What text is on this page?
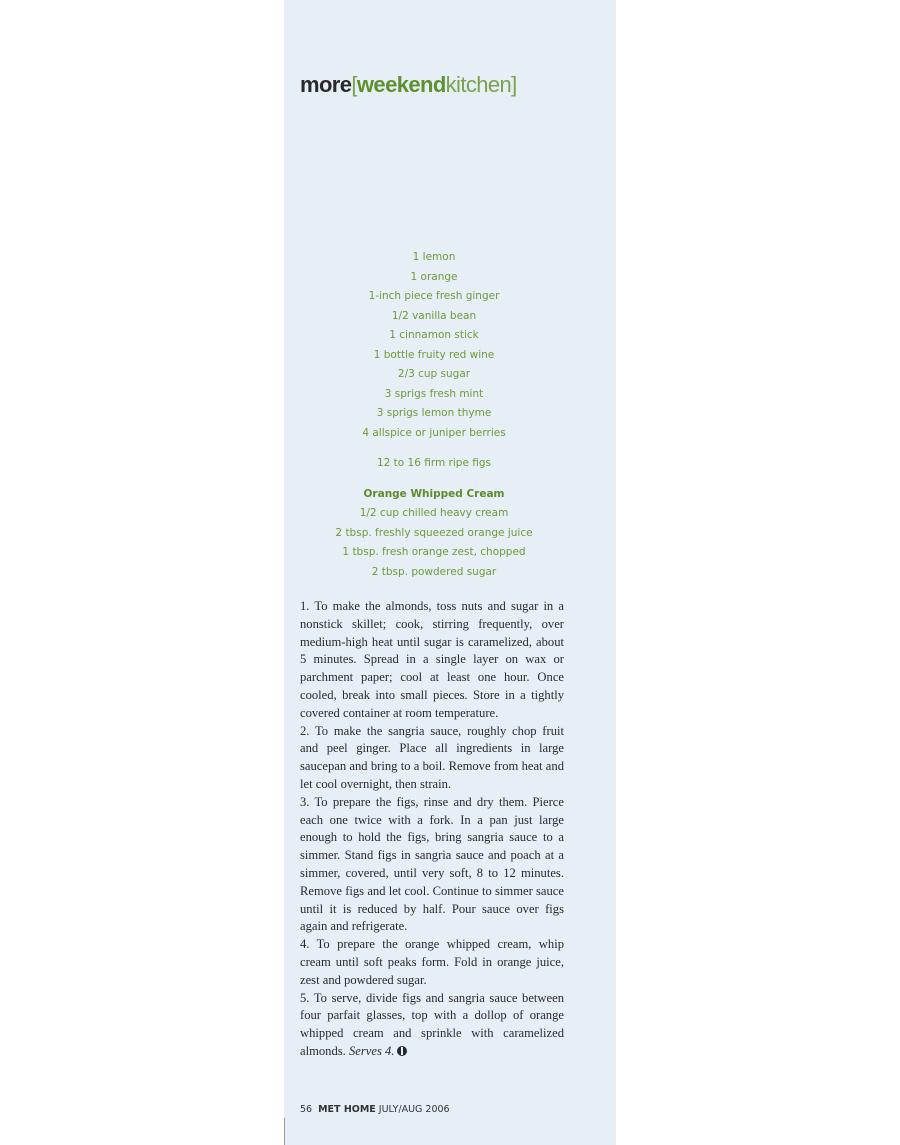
more[weekendkitchen]
1 lemon
1 orange
1-inch piece fresh ginger
1/2 vanilla bean
1 cinnamon stick
1 bottle fruity red wine
2/3 cup sugar
3 sprigs fresh mint
3 sprigs lemon thyme
4 allspice or juniper berries
12 to 16 firm ripe figs
Orange Whipped Cream
1/2 cup chilled heavy cream
2 tbsp. freshly squeezed orange juice
1 tbsp. fresh orange zest, chopped
2 tbsp. powdered sugar

1. To make the almonds, toss nuts and sugar in a nonstick skillet; cook, stirring frequently, over medium-high heat until sugar is caramelized, about 5 minutes. Spread in a single layer on wax or parchment paper; cool at least one hour. Once cooled, break into small pieces. Store in a tightly covered container at room temperature.

2. To make the sangria sauce, roughly chop fruit and peel ginger. Place all ingredients in large saucepan and bring to a boil. Remove from heat and let cool overnight, then strain.

3. To prepare the figs, rinse and dry them. Pierce each one twice with a fork. In a pan just large enough to hold the figs, bring sangria sauce to a simmer. Stand figs in sangria sauce and poach at a simmer, covered, until very soft, 8 to 12 minutes. Remove figs and let cool. Continue to simmer sauce until it is reduced by half. Pour sauce over figs again and refrigerate.

4. To prepare the orange whipped cream, whip cream until soft peaks form. Fold in orange juice, zest and powdered sugar.

5. To serve, divide figs and sangria sauce between four parfait glasses, top with a dollop of orange whipped cream and sprinkle with caramelized almonds. Serves 4.

56 MET HOME JULY/AUG 2006
